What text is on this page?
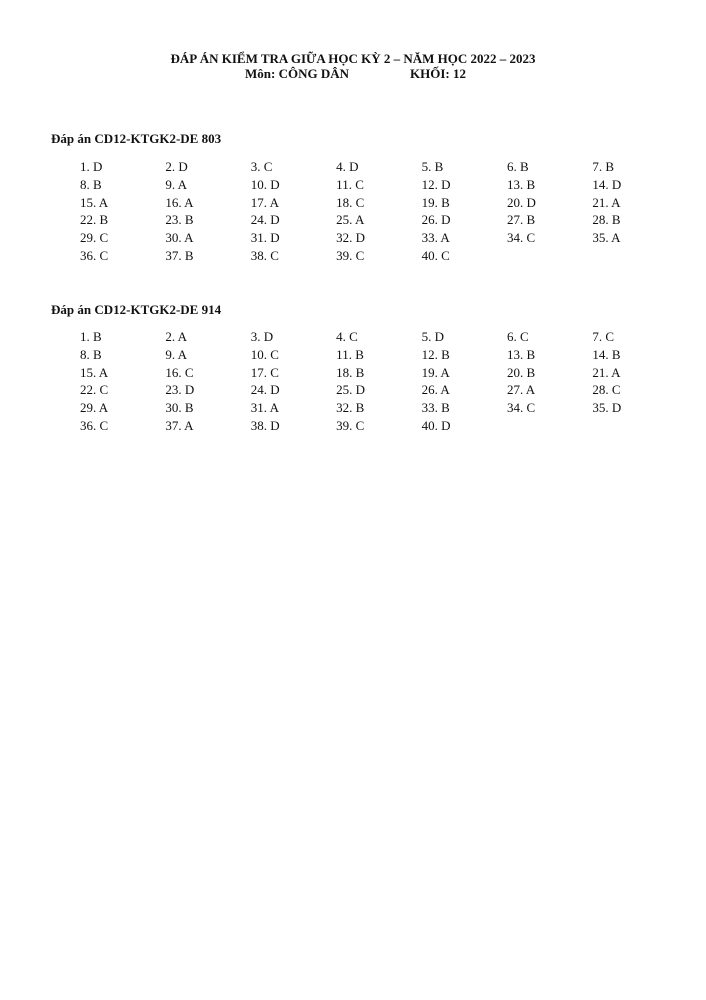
ĐÁP ÁN KIỂM TRA GIỮA HỌC KỲ 2 – NĂM HỌC 2022 – 2023
Môn: CÔNG DÂN	KHỐI: 12
Đáp án CD12-KTGK2-DE 803
1. D	2. D	3. C	4. D	5. B	6. B	7. B
8. B	9. A	10. D	11. C	12. D	13. B	14. D
15. A	16. A	17. A	18. C	19. B	20. D	21. A
22. B	23. B	24. D	25. A	26. D	27. B	28. B
29. C	30. A	31. D	32. D	33. A	34. C	35. A
36. C	37. B	38. C	39. C	40. C
Đáp án CD12-KTGK2-DE 914
1. B	2. A	3. D	4. C	5. D	6. C	7. C
8. B	9. A	10. C	11. B	12. B	13. B	14. B
15. A	16. C	17. C	18. B	19. A	20. B	21. A
22. C	23. D	24. D	25. D	26. A	27. A	28. C
29. A	30. B	31. A	32. B	33. B	34. C	35. D
36. C	37. A	38. D	39. C	40. D
